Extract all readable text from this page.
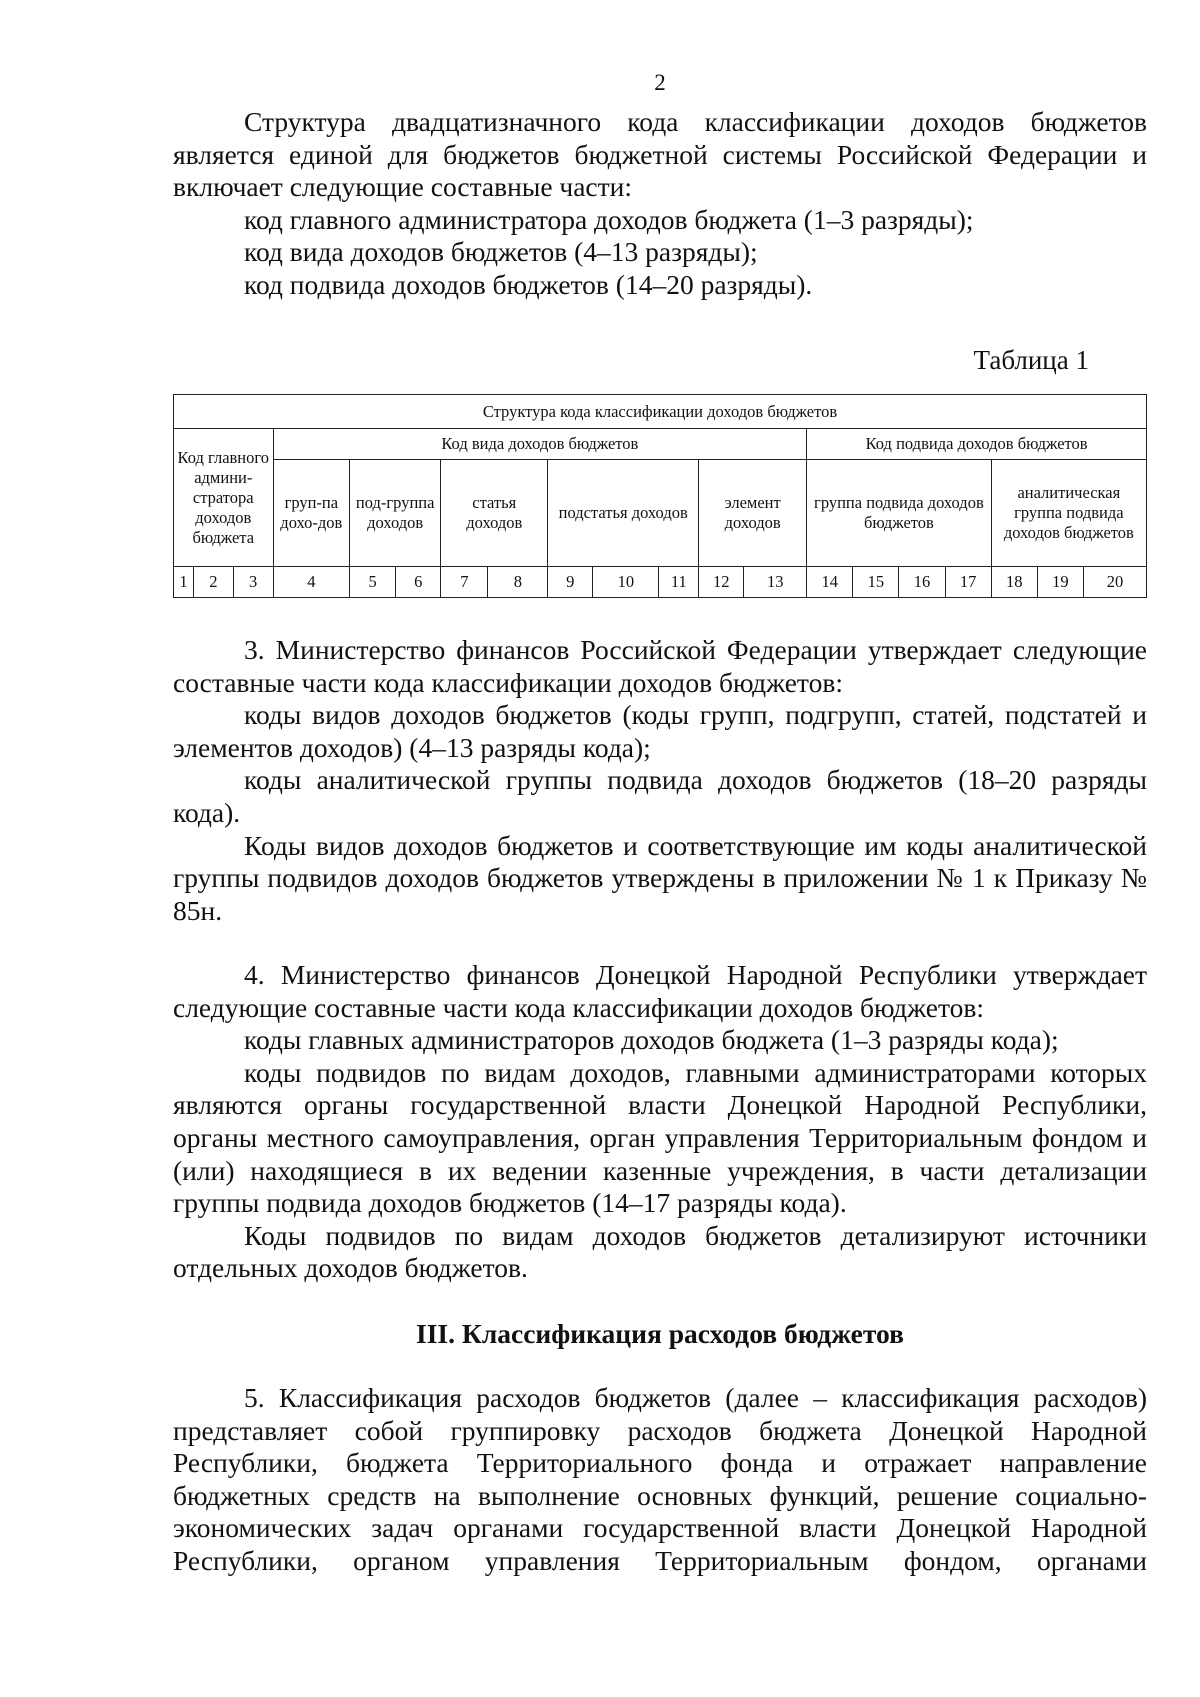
2

Структура двадцатизначного кода классификации доходов бюджетов является единой для бюджетов бюджетной системы Российской Федерации и включает следующие составные части:

код главного администратора доходов бюджета (1–3 разряды);

код вида доходов бюджетов (4–13 разряды);

код подвида доходов бюджетов (14–20 разряды).

Таблица 1
Структура кода классификации доходов бюджетов																			
Код главного админи-стратора доходов бюджета			Код вида доходов бюджетов										Код подвида доходов бюджетов						
			груп-па дохо-дов	под-группа доходов		статья доходов		подстатья доходов			элемент доходов		группа подвида доходов бюджетов				аналитическая группа подвида доходов бюджетов		
1	2	3	4	5	6	7	8	9	10	11	12	13	14	15	16	17	18	19	20

3. Министерство финансов Российской Федерации утверждает следующие составные части кода классификации доходов бюджетов:

коды видов доходов бюджетов (коды групп, подгрупп, статей, подстатей и элементов доходов) (4–13 разряды кода);

коды аналитической группы подвида доходов бюджетов (18–20 разряды кода).

Коды видов доходов бюджетов и соответствующие им коды аналитической группы подвидов доходов бюджетов утверждены в приложении № 1 к Приказу № 85н.

4. Министерство финансов Донецкой Народной Республики утверждает следующие составные части кода классификации доходов бюджетов:

коды главных администраторов доходов бюджета (1–3 разряды кода);

коды подвидов по видам доходов, главными администраторами которых являются органы государственной власти Донецкой Народной Республики, органы местного самоуправления, орган управления Территориальным фондом и (или) находящиеся в их ведении казенные учреждения, в части детализации группы подвида доходов бюджетов (14–17 разряды кода).

Коды подвидов по видам доходов бюджетов детализируют источники отдельных доходов бюджетов.

III. Классификация расходов бюджетов

5. Классификация расходов бюджетов (далее – классификация расходов) представляет собой группировку расходов бюджета Донецкой Народной Республики, бюджета Территориального фонда и отражает направление бюджетных средств на выполнение основных функций, решение социально-экономических задач органами государственной власти Донецкой Народной Республики, органом управления Территориальным фондом, органами
